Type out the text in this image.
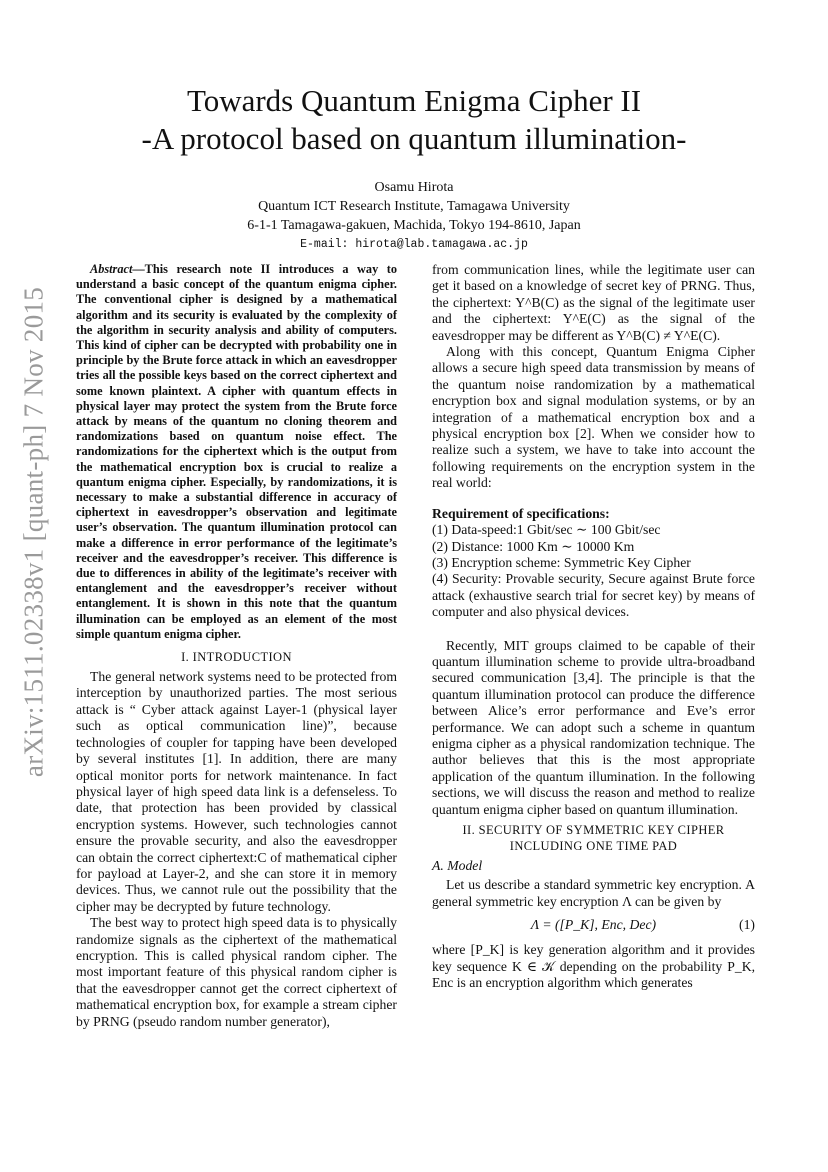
arXiv:1511.02338v1 [quant-ph] 7 Nov 2015
Towards Quantum Enigma Cipher II
-A protocol based on quantum illumination-
Osamu Hirota
Quantum ICT Research Institute, Tamagawa University
6-1-1 Tamagawa-gakuen, Machida, Tokyo 194-8610, Japan
E-mail: hirota@lab.tamagawa.ac.jp

Abstract—This research note II introduces a way to understand a basic concept of the quantum enigma cipher. The conventional cipher is designed by a mathematical algorithm and its security is evaluated by the complexity of the algorithm in security analysis and ability of computers. This kind of cipher can be decrypted with probability one in principle by the Brute force attack in which an eavesdropper tries all the possible keys based on the correct ciphertext and some known plaintext. A cipher with quantum effects in physical layer may protect the system from the Brute force attack by means of the quantum no cloning theorem and randomizations based on quantum noise effect. The randomizations for the ciphertext which is the output from the mathematical encryption box is crucial to realize a quantum enigma cipher. Especially, by randomizations, it is necessary to make a substantial difference in accuracy of ciphertext in eavesdropper’s observation and legitimate user’s observation. The quantum illumination protocol can make a difference in error performance of the legitimate’s receiver and the eavesdropper’s receiver. This difference is due to differences in ability of the legitimate’s receiver with entanglement and the eavesdropper’s receiver without entanglement. It is shown in this note that the quantum illumination can be employed as an element of the most simple quantum enigma cipher.

I. INTRODUCTION

The general network systems need to be protected from interception by unauthorized parties. The most serious attack is “ Cyber attack against Layer-1 (physical layer such as optical communication line)”, because technologies of coupler for tapping have been developed by several institutes [1]. In addition, there are many optical monitor ports for network maintenance. In fact physical layer of high speed data link is a defenseless. To date, that protection has been provided by classical encryption systems. However, such technologies cannot ensure the provable security, and also the eavesdropper can obtain the correct ciphertext:C of mathematical cipher for payload at Layer-2, and she can store it in memory devices. Thus, we cannot rule out the possibility that the cipher may be decrypted by future technology.

The best way to protect high speed data is to physically randomize signals as the ciphertext of the mathematical encryption. This is called physical random cipher. The most important feature of this physical random cipher is that the eavesdropper cannot get the correct ciphertext of mathematical encryption box, for example a stream cipher by PRNG (pseudo random number generator),

from communication lines, while the legitimate user can get it based on a knowledge of secret key of PRNG. Thus, the ciphertext: Y^B(C) as the signal of the legitimate user and the ciphertext: Y^E(C) as the signal of the eavesdropper may be different as Y^B(C) ≠ Y^E(C).

Along with this concept, Quantum Enigma Cipher allows a secure high speed data transmission by means of the quantum noise randomization by a mathematical encryption box and signal modulation systems, or by an integration of a mathematical encryption box and a physical encryption box [2]. When we consider how to realize such a system, we have to take into account the following requirements on the encryption system in the real world:

Requirement of specifications:
(1) Data-speed:1 Gbit/sec ∼ 100 Gbit/sec
(2) Distance: 1000 Km ∼ 10000 Km
(3) Encryption scheme: Symmetric Key Cipher
(4) Security: Provable security, Secure against Brute force attack (exhaustive search trial for secret key) by means of computer and also physical devices.

Recently, MIT groups claimed to be capable of their quantum illumination scheme to provide ultra-broadband secured communication [3,4]. The principle is that the quantum illumination protocol can produce the difference between Alice’s error performance and Eve’s error performance. We can adopt such a scheme in quantum enigma cipher as a physical randomization technique. The author believes that this is the most appropriate application of the quantum illumination. In the following sections, we will discuss the reason and method to realize quantum enigma cipher based on quantum illumination.

II. SECURITY OF SYMMETRIC KEY CIPHER
INCLUDING ONE TIME PAD
A. Model

Let us describe a standard symmetric key encryption. A general symmetric key encryption Λ can be given by

Λ = ([P_K], Enc, Dec)	(1)

where [P_K] is key generation algorithm and it provides key sequence K ∈ 𝒦 depending on the probability P_K, Enc is an encryption algorithm which generates
